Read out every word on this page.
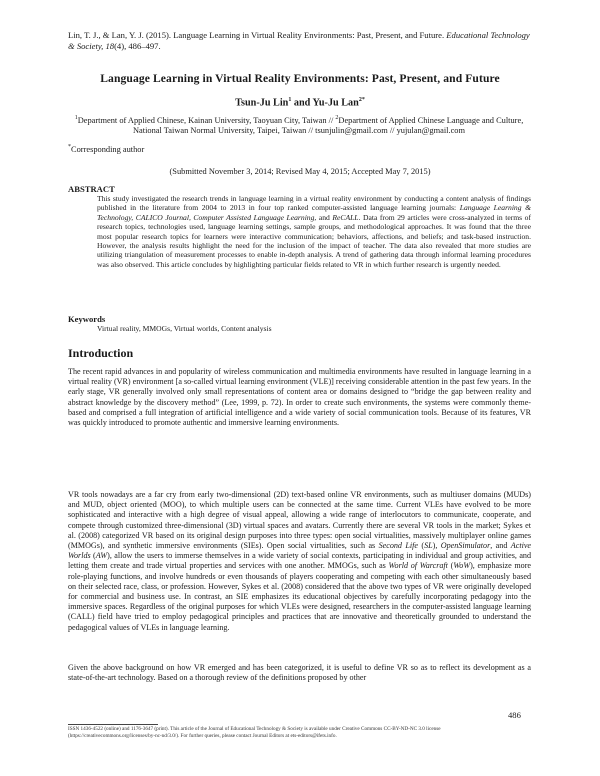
Lin, T. J., & Lan, Y. J. (2015). Language Learning in Virtual Reality Environments: Past, Present, and Future. Educational Technology & Society, 18(4), 486–497.
Language Learning in Virtual Reality Environments: Past, Present, and Future
Tsun-Ju Lin$^1$ and Yu-Ju Lan$^{2*}$
$^1$Department of Applied Chinese, Kainan University, Taoyuan City, Taiwan // $^2$Department of Applied Chinese Language and Culture, National Taiwan Normal University, Taipei, Taiwan // tsunjulin@gmail.com // yujulan@gmail.com
*Corresponding author
(Submitted November 3, 2014; Revised May 4, 2015; Accepted May 7, 2015)
ABSTRACT
This study investigated the research trends in language learning in a virtual reality environment by conducting a content analysis of findings published in the literature from 2004 to 2013 in four top ranked computer-assisted language learning journals: Language Learning & Technology, CALICO Journal, Computer Assisted Language Learning, and ReCALL. Data from 29 articles were cross-analyzed in terms of research topics, technologies used, language learning settings, sample groups, and methodological approaches. It was found that the three most popular research topics for learners were interactive communication; behaviors, affections, and beliefs; and task-based instruction. However, the analysis results highlight the need for the inclusion of the impact of teacher. The data also revealed that more studies are utilizing triangulation of measurement processes to enable in-depth analysis. A trend of gathering data through informal learning procedures was also observed. This article concludes by highlighting particular fields related to VR in which further research is urgently needed.
Keywords
Virtual reality, MMOGs, Virtual worlds, Content analysis
Introduction
The recent rapid advances in and popularity of wireless communication and multimedia environments have resulted in language learning in a virtual reality (VR) environment [a so-called virtual learning environment (VLE)] receiving considerable attention in the past few years. In the early stage, VR generally involved only small representations of content area or domains designed to “bridge the gap between reality and abstract knowledge by the discovery method” (Lee, 1999, p. 72). In order to create such environments, the systems were commonly theme-based and comprised a full integration of artificial intelligence and a wide variety of social communication tools. Because of its features, VR was quickly introduced to promote authentic and immersive learning environments.
VR tools nowadays are a far cry from early two-dimensional (2D) text-based online VR environments, such as multiuser domains (MUDs) and MUD, object oriented (MOO), to which multiple users can be connected at the same time. Current VLEs have evolved to be more sophisticated and interactive with a high degree of visual appeal, allowing a wide range of interlocutors to communicate, cooperate, and compete through customized three-dimensional (3D) virtual spaces and avatars. Currently there are several VR tools in the market; Sykes et al. (2008) categorized VR based on its original design purposes into three types: open social virtualities, massively multiplayer online games (MMOGs), and synthetic immersive environments (SIEs). Open social virtualities, such as Second Life (SL), OpenSimulator, and Active Worlds (AW), allow the users to immerse themselves in a wide variety of social contexts, participating in individual and group activities, and letting them create and trade virtual properties and services with one another. MMOGs, such as World of Warcraft (WoW), emphasize more role-playing functions, and involve hundreds or even thousands of players cooperating and competing with each other simultaneously based on their selected race, class, or profession. However, Sykes et al. (2008) considered that the above two types of VR were originally developed for commercial and business use. In contrast, an SIE emphasizes its educational objectives by carefully incorporating pedagogy into the immersive spaces. Regardless of the original purposes for which VLEs were designed, researchers in the computer-assisted language learning (CALL) field have tried to employ pedagogical principles and practices that are innovative and theoretically grounded to understand the pedagogical values of VLEs in language learning.
Given the above background on how VR emerged and has been categorized, it is useful to define VR so as to reflect its development as a state-of-the-art technology. Based on a thorough review of the definitions proposed by other
486
ISSN 1436-4522 (online) and 1176-3647 (print). This article of the Journal of Educational Technology & Society is available under Creative Commons CC-BY-ND-NC 3.0 license (https://creativecommons.org/licenses/by-nc-nd/3.0/). For further queries, please contact Journal Editors at ets-editors@ifets.info.
